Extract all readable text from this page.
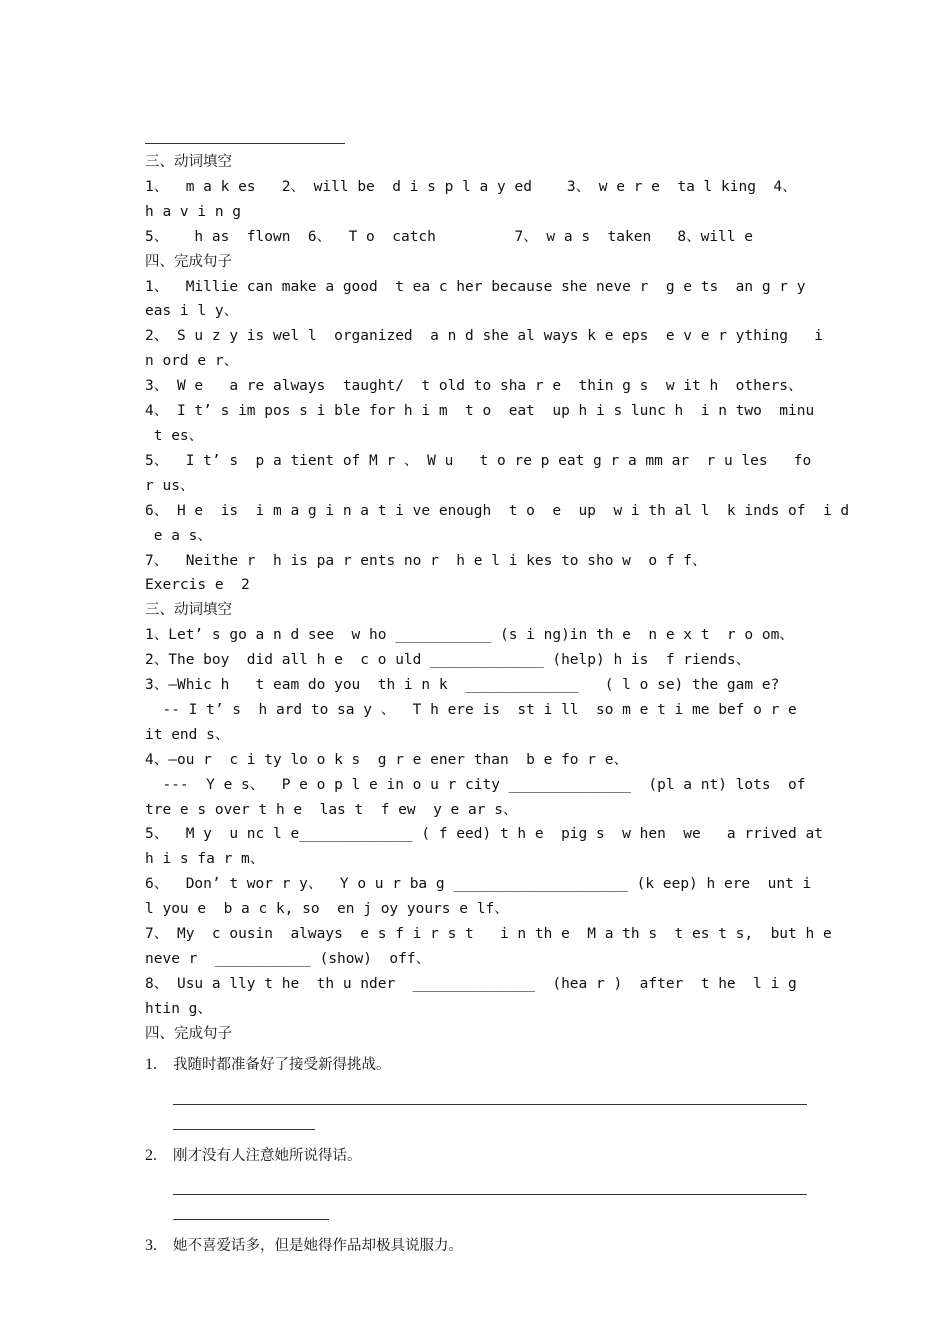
三、动词填空
1、  m a k es   2、 will be  d i s p l a y ed    3、 w e r e  ta l king  4、
h a v i n g
5、   h as  flown  6、  T o  catch         7、 w a s  taken   8、will e
四、完成句子
1、  Millie can make a good  t ea c her because she neve r  g e ts  an g r y
eas i l y、
2、 S u z y is wel l  organized  a n d she al ways k e eps  e v e r ything   i
n ord e r、
3、 W e   a re always  taught/  t old to sha r e  thin g s  w it h  others、
4、 I t’ s im pos s i ble for h i m  t o  eat  up h i s lunc h  i n two  minu
t es、
5、  I t’ s  p a tient of M r 、 W u   t o re p eat g r a mm ar  r u les   fo
r us、
6、 H e  is  i m a g i n a t i ve enough  t o  e  up  w i th al l  k inds of  i d
e a s、
7、  Neithe r  h is pa r ents no r  h e l i kes to sho w  o f f、
Exercis e  2
三、动词填空
1、Let’ s go a n d see  w ho ___________ (s i ng)in th e  n e x t  r o om、
2、The boy  did all h e  c o uld _____________ (help) h is  f riends、
3、—Whic h   t eam do you  th i n k  _____________   ( l o se) the gam e?
-- I t’ s  h ard to sa y 、  T h ere is  st i ll  so m e t i me bef o r e
it end s、
4、—ou r  c i ty lo o k s  g r e ener than  b e fo r e、
---  Y e s、  P e o p l e in o u r city ______________  (pl a nt) lots  of
tre e s over t h e  las t  f ew  y e ar s、
5、  M y  u nc l e_____________ ( f eed) t h e  pig s  w hen  we   a rrived at
h i s fa r m、
6、  Don’ t wor r y、  Y o u r ba g ____________________ (k eep) h ere  unt i
l you e  b a c k, so  en j oy yours e lf、
7、 My  c ousin  always  e s f i r s t   i n th e  M a th s  t es t s,  but h e
neve r  ___________ (show)  off、
8、 Usu a lly t he  th u nder  ______________  (hea r )  after  t he  l i g
htin g、
四、完成句子
1. 我随时都准备好了接受新得挑战。
2. 刚才没有人注意她所说得话。
3. 她不喜爱话多，但是她得作品却极具说服力。
